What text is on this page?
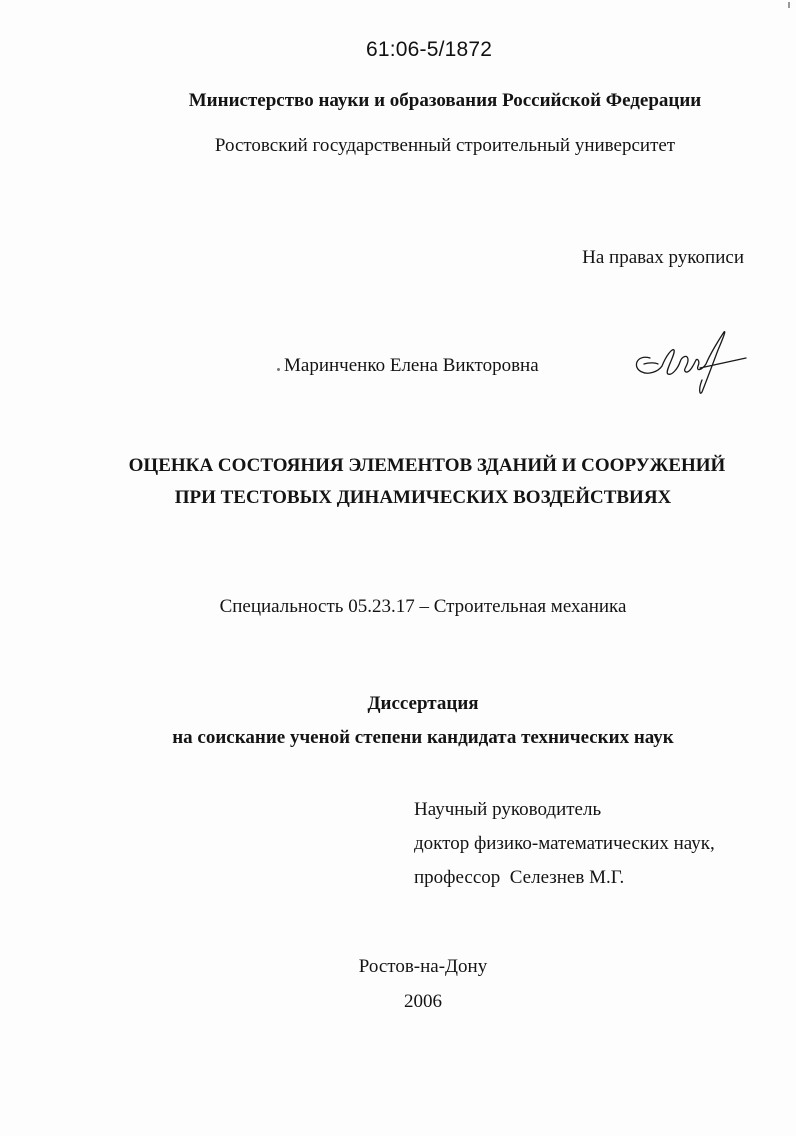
61:06-5/1872
Министерство науки и образования Российской Федерации
Ростовский государственный строительный университет
На правах рукописи
Маринченко Елена Викторовна
ОЦЕНКА СОСТОЯНИЯ ЭЛЕМЕНТОВ ЗДАНИЙ И СООРУЖЕНИЙ
ПРИ ТЕСТОВЫХ ДИНАМИЧЕСКИХ ВОЗДЕЙСТВИЯХ
Специальность 05.23.17 – Строительная механика
Диссертация
на соискание ученой степени кандидата технических наук
Научный руководитель
доктор физико-математических наук,
профессор  Селезнев М.Г.
Ростов-на-Дону
2006
